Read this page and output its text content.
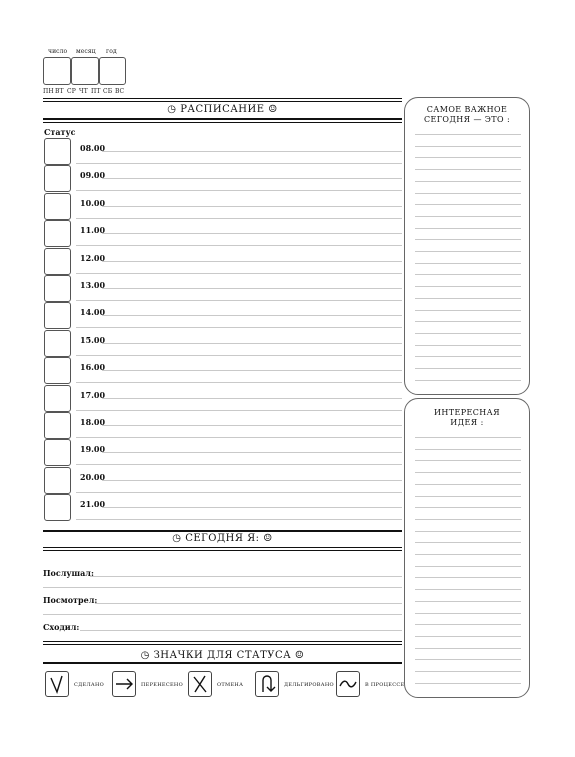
число месяц год
ПН ВТ СР ЧТ ПТ СБ ВС
◷ РАСПИСАНИЕ ☺
Статус
08.00
09.00
10.00
11.00
12.00
13.00
14.00
15.00
16.00
17.00
18.00
19.00
20.00
21.00
◷ СЕГОДНЯ Я: ☺
Послушал:
Посмотрел:
Сходил:
◷ ЗНАЧКИ ДЛЯ СТАТУСА ☺
СДЕЛАНО	ПЕРЕНЕСЕНО	ОТМЕНА	ДЕЛЬГИРОВАНО	В ПРОЦЕССЕ
САМОЕ ВАЖНОЕ
СЕГОДНЯ — ЭТО :
ИНТЕРЕСНАЯ
ИДЕЯ :
